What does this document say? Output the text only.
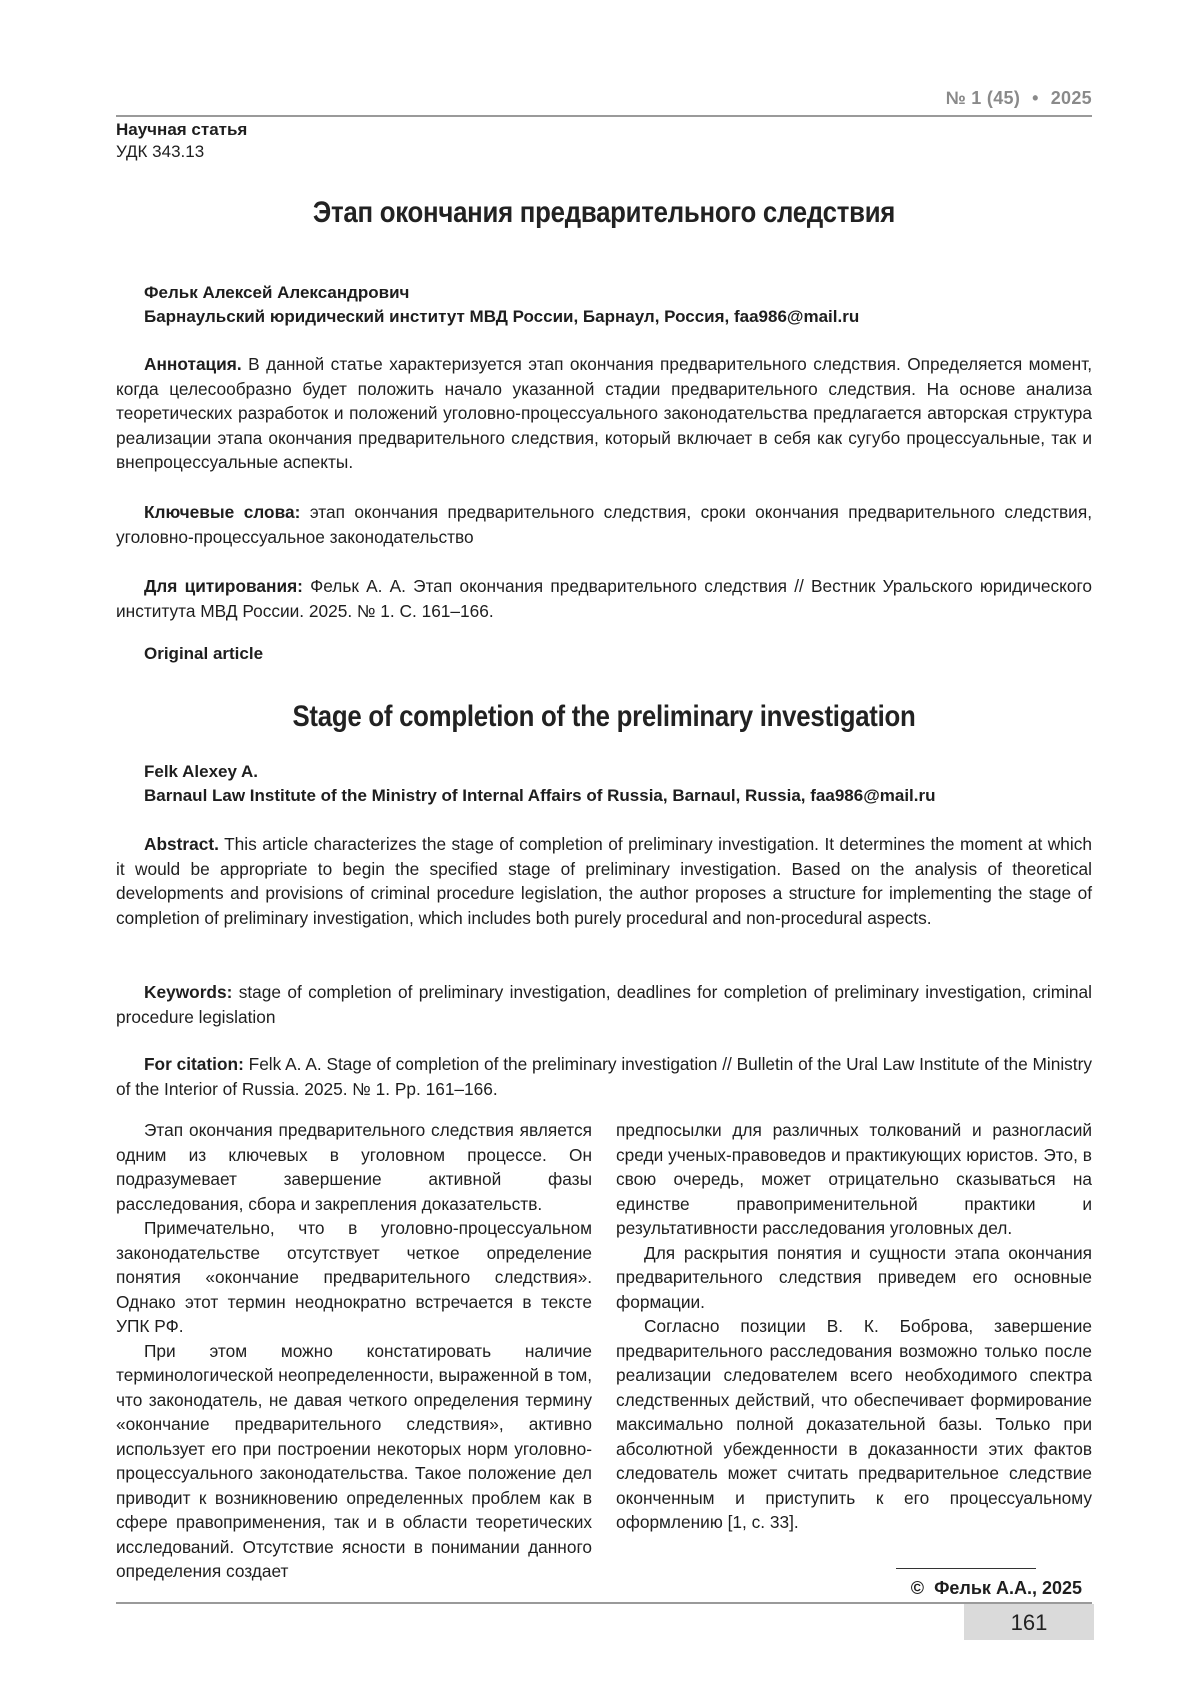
№ 1 (45) • 2025
Научная статья
УДК 343.13
Этап окончания предварительного следствия

Фельк Алексей Александрович

Барнаульский юридический институт МВД России, Барнаул, Россия, faa986@mail.ru

Аннотация. В данной статье характеризуется этап окончания предварительного следствия. Определяется момент, когда целесообразно будет положить начало указанной стадии предварительного следствия. На основе анализа теоретических разработок и положений уголовно-процессуального законодательства предлагается авторская структура реализации этапа окончания предварительного следствия, который включает в себя как сугубо процессуальные, так и внепроцессуальные аспекты.

Ключевые слова: этап окончания предварительного следствия, сроки окончания предварительного следствия, уголовно-процессуальное законодательство

Для цитирования: Фельк А. А. Этап окончания предварительного следствия // Вестник Уральского юридического института МВД России. 2025. № 1. С. 161–166.

Original article
Stage of completion of the preliminary investigation

Felk Alexey A.

Barnaul Law Institute of the Ministry of Internal Affairs of Russia, Barnaul, Russia, faa986@mail.ru

Abstract. This article characterizes the stage of completion of preliminary investigation. It determines the moment at which it would be appropriate to begin the specified stage of preliminary investigation. Based on the analysis of theoretical developments and provisions of criminal procedure legislation, the author proposes a structure for implementing the stage of completion of preliminary investigation, which includes both purely procedural and non-procedural aspects.

Keywords: stage of completion of preliminary investigation, deadlines for completion of preliminary investigation, criminal procedure legislation

For citation: Felk A. A. Stage of completion of the preliminary investigation // Bulletin of the Ural Law Institute of the Ministry of the Interior of Russia. 2025. № 1. Pp. 161–166.

Этап окончания предварительного следствия является одним из ключевых в уголовном процессе. Он подразумевает завершение активной фазы расследования, сбора и закрепления доказательств.

Примечательно, что в уголовно-процессуальном законодательстве отсутствует четкое определение понятия «окончание предварительного следствия». Однако этот термин неоднократно встречается в тексте УПК РФ.

При этом можно констатировать наличие терминологической неопределенности, выраженной в том, что законодатель, не давая четкого определения термину «окончание предварительного следствия», активно использует его при построении некоторых норм уголовно-процессуального законодательства. Такое положение дел приводит к возникновению определенных проблем как в сфере правоприменения, так и в области теоретических исследований. Отсутствие ясности в понимании данного определения создает

предпосылки для различных толкований и разногласий среди ученых-правоведов и практикующих юристов. Это, в свою очередь, может отрицательно сказываться на единстве правоприменительной практики и результативности расследования уголовных дел.

Для раскрытия понятия и сущности этапа окончания предварительного следствия приведем его основные формации.

Согласно позиции В. К. Боброва, завершение предварительного расследования возможно только после реализации следователем всего необходимого спектра следственных действий, что обеспечивает формирование максимально полной доказательной базы. Только при абсолютной убежденности в доказанности этих фактов следователь может считать предварительное следствие оконченным и приступить к его процессуальному оформлению [1, с. 33].

© Фельк А.А., 2025
161
